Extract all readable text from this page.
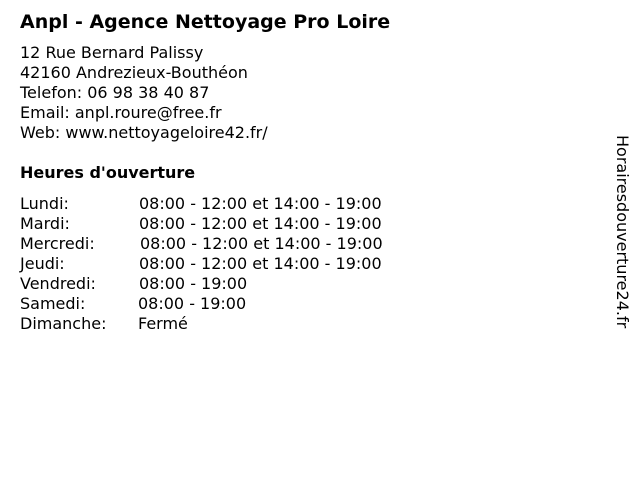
Anpl - Agence Nettoyage Pro Loire
12 Rue Bernard Palissy
42160 Andrezieux-Bouthéon
Telefon: 06 98 38 40 87
Email: anpl.roure@free.fr
Web: www.nettoyageloire42.fr/
Heures d'ouverture
Lundi:	08:00 - 12:00 et 14:00 - 19:00
Mardi:	08:00 - 12:00 et 14:00 - 19:00
Mercredi:	08:00 - 12:00 et 14:00 - 19:00
Jeudi:	08:00 - 12:00 et 14:00 - 19:00
Vendredi:	08:00 - 19:00
Samedi:	08:00 - 19:00
Dimanche: Fermé	Horairesdouverture24.fr
